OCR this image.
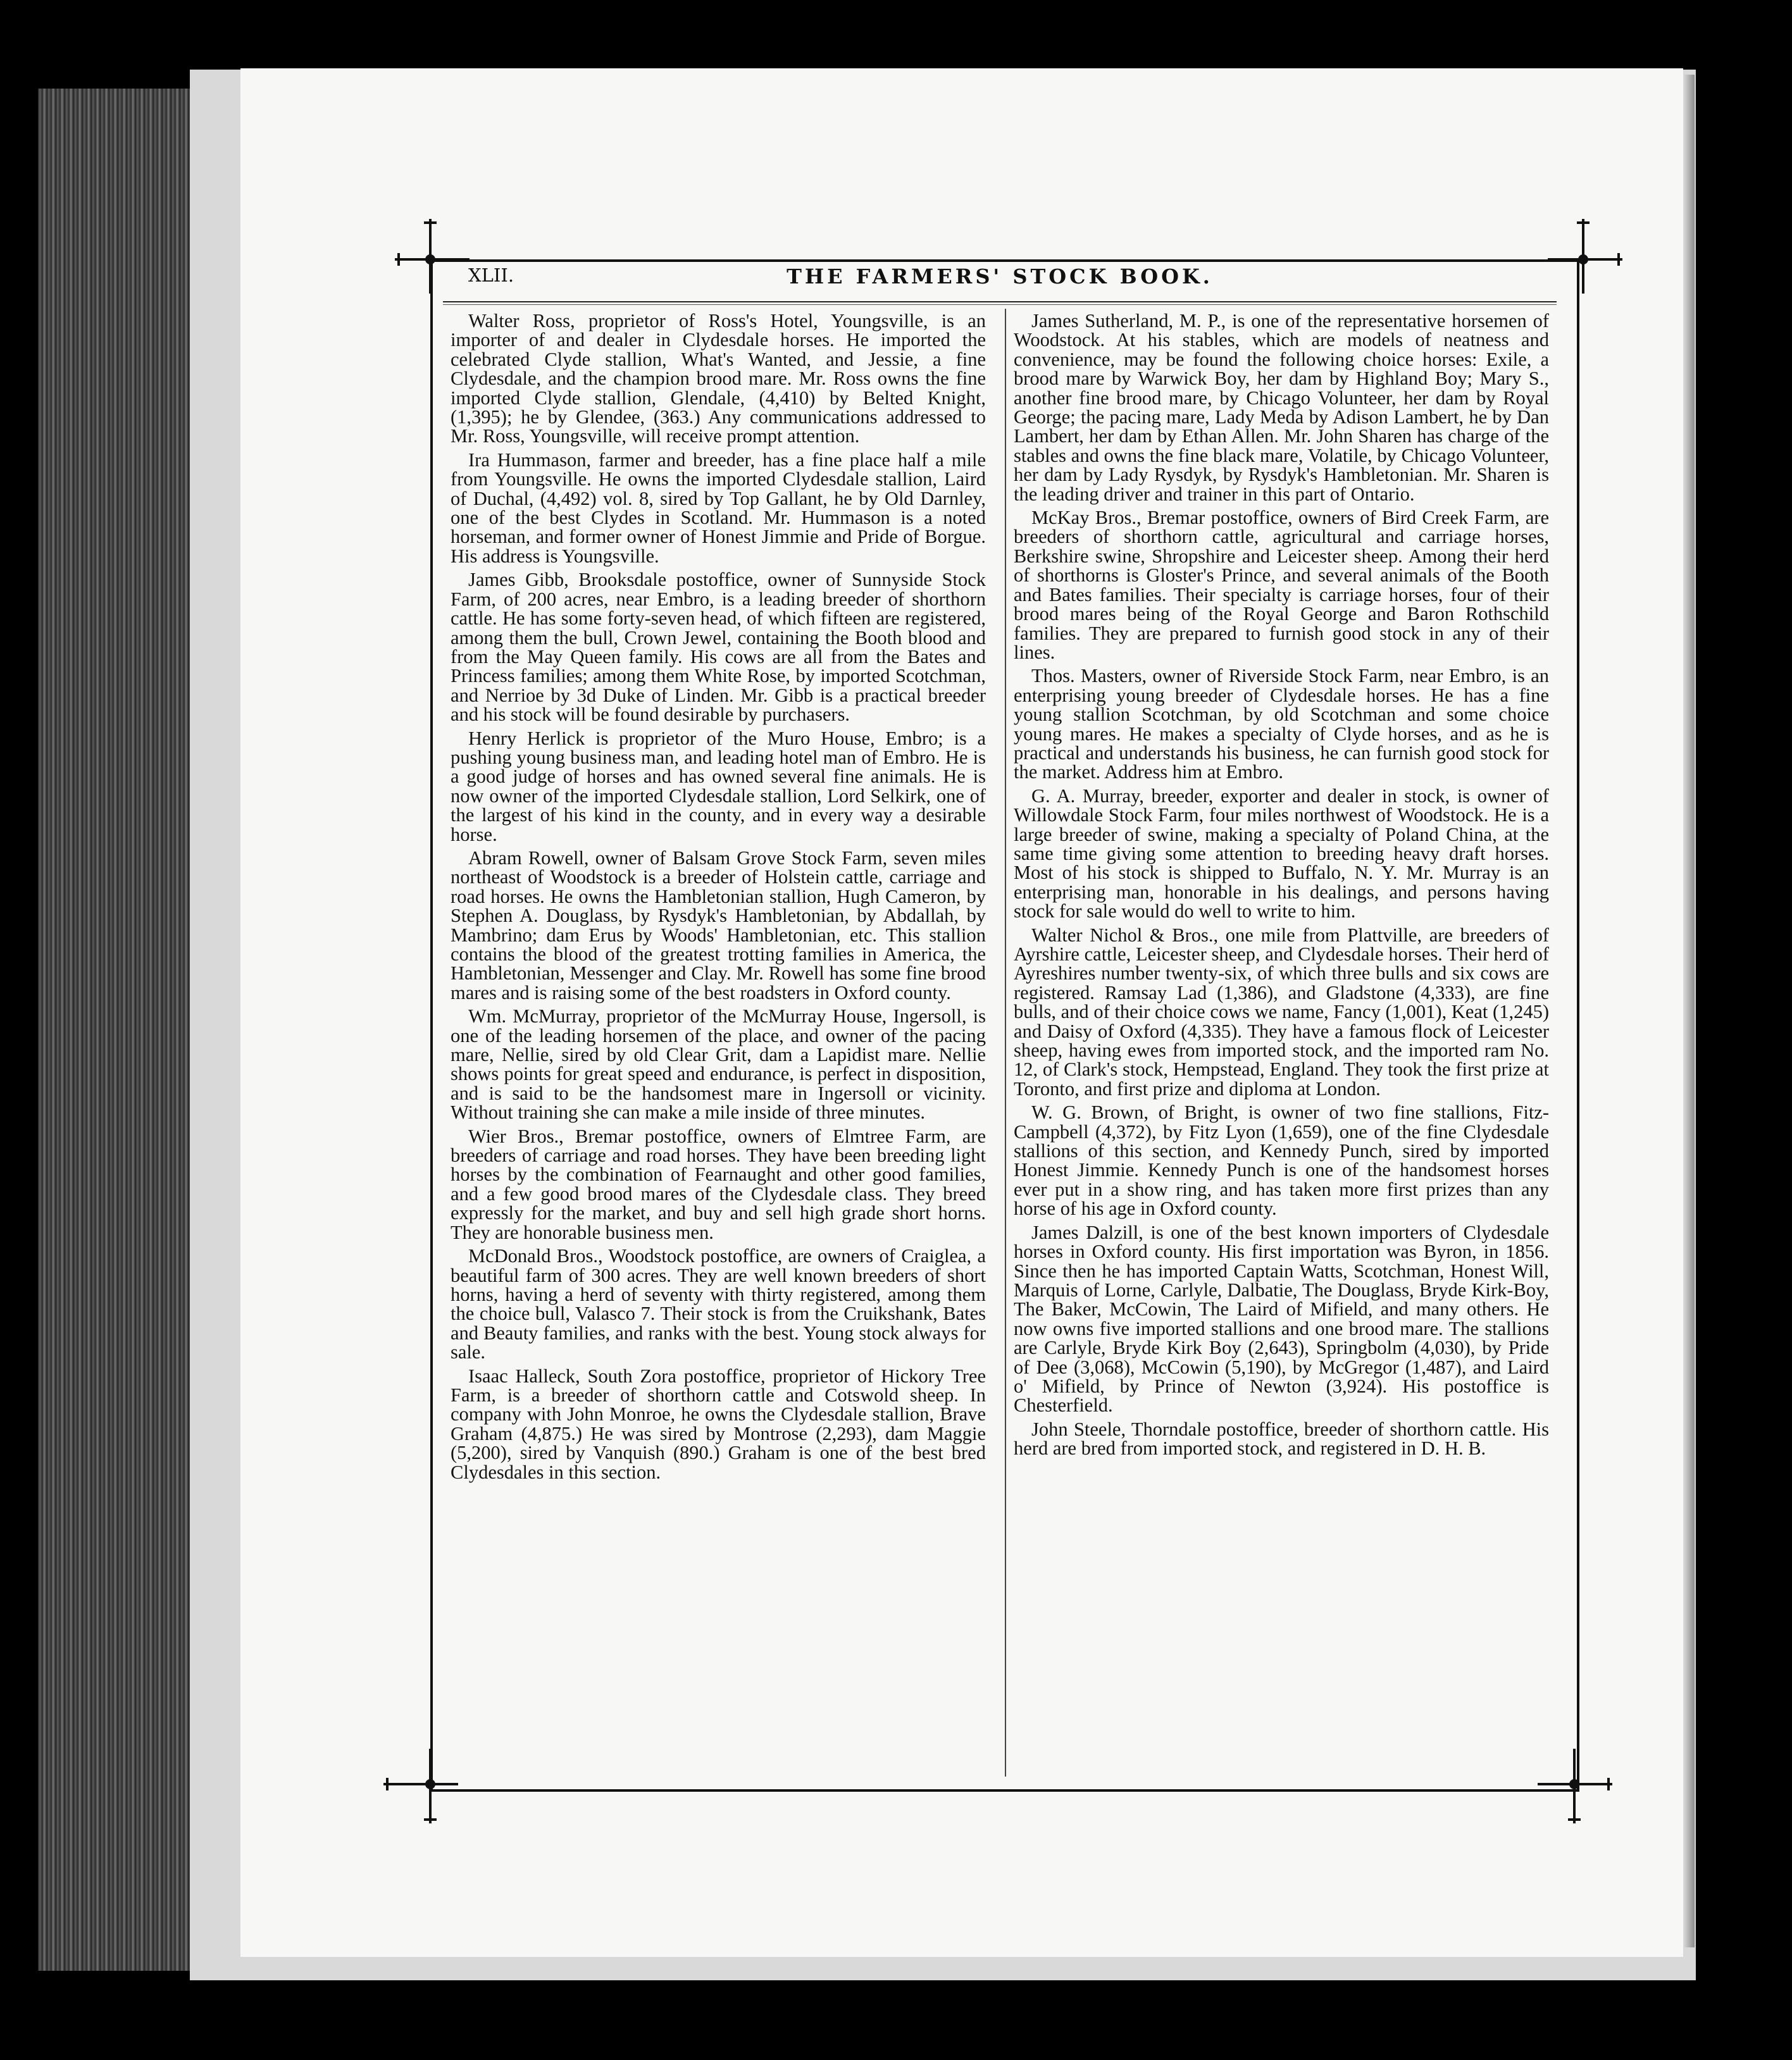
XLII.	THE FARMERS' STOCK BOOK.

Walter Ross, proprietor of Ross's Hotel, Youngsville, is an importer of and dealer in Clydesdale horses. He imported the celebrated Clyde stallion, What's Wanted, and Jessie, a fine Clydesdale, and the champion brood mare. Mr. Ross owns the fine imported Clyde stallion, Glendale, (4,410) by Belted Knight, (1,395); he by Glendee, (363.) Any communications addressed to Mr. Ross, Youngsville, will receive prompt attention.

Ira Hummason, farmer and breeder, has a fine place half a mile from Youngsville. He owns the imported Clydesdale stallion, Laird of Duchal, (4,492) vol. 8, sired by Top Gallant, he by Old Darnley, one of the best Clydes in Scotland. Mr. Hummason is a noted horseman, and former owner of Honest Jimmie and Pride of Borgue. His address is Youngsville.

James Gibb, Brooksdale postoffice, owner of Sunnyside Stock Farm, of 200 acres, near Embro, is a leading breeder of shorthorn cattle. He has some forty-seven head, of which fifteen are registered, among them the bull, Crown Jewel, containing the Booth blood and from the May Queen family. His cows are all from the Bates and Princess families; among them White Rose, by imported Scotchman, and Nerrioe by 3d Duke of Linden. Mr. Gibb is a practical breeder and his stock will be found desirable by purchasers.

Henry Herlick is proprietor of the Muro House, Embro; is a pushing young business man, and leading hotel man of Embro. He is a good judge of horses and has owned several fine animals. He is now owner of the imported Clydesdale stallion, Lord Selkirk, one of the largest of his kind in the county, and in every way a desirable horse.

Abram Rowell, owner of Balsam Grove Stock Farm, seven miles northeast of Woodstock is a breeder of Holstein cattle, carriage and road horses. He owns the Hambletonian stallion, Hugh Cameron, by Stephen A. Douglass, by Rysdyk's Hambletonian, by Abdallah, by Mambrino; dam Erus by Woods' Hambletonian, etc. This stallion contains the blood of the greatest trotting families in America, the Hambletonian, Messenger and Clay. Mr. Rowell has some fine brood mares and is raising some of the best roadsters in Oxford county.

Wm. McMurray, proprietor of the McMurray House, Ingersoll, is one of the leading horsemen of the place, and owner of the pacing mare, Nellie, sired by old Clear Grit, dam a Lapidist mare. Nellie shows points for great speed and endurance, is perfect in disposition, and is said to be the handsomest mare in Ingersoll or vicinity. Without training she can make a mile inside of three minutes.

Wier Bros., Bremar postoffice, owners of Elmtree Farm, are breeders of carriage and road horses. They have been breeding light horses by the combination of Fearnaught and other good families, and a few good brood mares of the Clydesdale class. They breed expressly for the market, and buy and sell high grade short horns. They are honorable business men.

McDonald Bros., Woodstock postoffice, are owners of Craiglea, a beautiful farm of 300 acres. They are well known breeders of short horns, having a herd of seventy with thirty registered, among them the choice bull, Valasco 7. Their stock is from the Cruikshank, Bates and Beauty families, and ranks with the best. Young stock always for sale.

Isaac Halleck, South Zora postoffice, proprietor of Hickory Tree Farm, is a breeder of shorthorn cattle and Cotswold sheep. In company with John Monroe, he owns the Clydesdale stallion, Brave Graham (4,875.) He was sired by Montrose (2,293), dam Maggie (5,200), sired by Vanquish (890.) Graham is one of the best bred Clydesdales in this section.

James Sutherland, M. P., is one of the representative horsemen of Woodstock. At his stables, which are models of neatness and convenience, may be found the following choice horses: Exile, a brood mare by Warwick Boy, her dam by Highland Boy; Mary S., another fine brood mare, by Chicago Volunteer, her dam by Royal George; the pacing mare, Lady Meda by Adison Lambert, he by Dan Lambert, her dam by Ethan Allen. Mr. John Sharen has charge of the stables and owns the fine black mare, Volatile, by Chicago Volunteer, her dam by Lady Rysdyk, by Rysdyk's Hambletonian. Mr. Sharen is the leading driver and trainer in this part of Ontario.

McKay Bros., Bremar postoffice, owners of Bird Creek Farm, are breeders of shorthorn cattle, agricultural and carriage horses, Berkshire swine, Shropshire and Leicester sheep. Among their herd of shorthorns is Gloster's Prince, and several animals of the Booth and Bates families. Their specialty is carriage horses, four of their brood mares being of the Royal George and Baron Rothschild families. They are prepared to furnish good stock in any of their lines.

Thos. Masters, owner of Riverside Stock Farm, near Embro, is an enterprising young breeder of Clydesdale horses. He has a fine young stallion Scotchman, by old Scotchman and some choice young mares. He makes a specialty of Clyde horses, and as he is practical and understands his business, he can furnish good stock for the market. Address him at Embro.

G. A. Murray, breeder, exporter and dealer in stock, is owner of Willowdale Stock Farm, four miles northwest of Woodstock. He is a large breeder of swine, making a specialty of Poland China, at the same time giving some attention to breeding heavy draft horses. Most of his stock is shipped to Buffalo, N. Y. Mr. Murray is an enterprising man, honorable in his dealings, and persons having stock for sale would do well to write to him.

Walter Nichol & Bros., one mile from Plattville, are breeders of Ayrshire cattle, Leicester sheep, and Clydesdale horses. Their herd of Ayreshires number twenty-six, of which three bulls and six cows are registered. Ramsay Lad (1,386), and Gladstone (4,333), are fine bulls, and of their choice cows we name, Fancy (1,001), Keat (1,245) and Daisy of Oxford (4,335). They have a famous flock of Leicester sheep, having ewes from imported stock, and the imported ram No. 12, of Clark's stock, Hempstead, England. They took the first prize at Toronto, and first prize and diploma at London.

W. G. Brown, of Bright, is owner of two fine stallions, Fitz-Campbell (4,372), by Fitz Lyon (1,659), one of the fine Clydesdale stallions of this section, and Kennedy Punch, sired by imported Honest Jimmie. Kennedy Punch is one of the handsomest horses ever put in a show ring, and has taken more first prizes than any horse of his age in Oxford county.

James Dalzill, is one of the best known importers of Clydesdale horses in Oxford county. His first importation was Byron, in 1856. Since then he has imported Captain Watts, Scotchman, Honest Will, Marquis of Lorne, Carlyle, Dalbatie, The Douglass, Bryde Kirk-Boy, The Baker, McCowin, The Laird of Mifield, and many others. He now owns five imported stallions and one brood mare. The stallions are Carlyle, Bryde Kirk Boy (2,643), Springbolm (4,030), by Pride of Dee (3,068), McCowin (5,190), by McGregor (1,487), and Laird o' Mifield, by Prince of Newton (3,924). His postoffice is Chesterfield.

John Steele, Thorndale postoffice, breeder of shorthorn cattle. His herd are bred from imported stock, and registered in D. H. B.
